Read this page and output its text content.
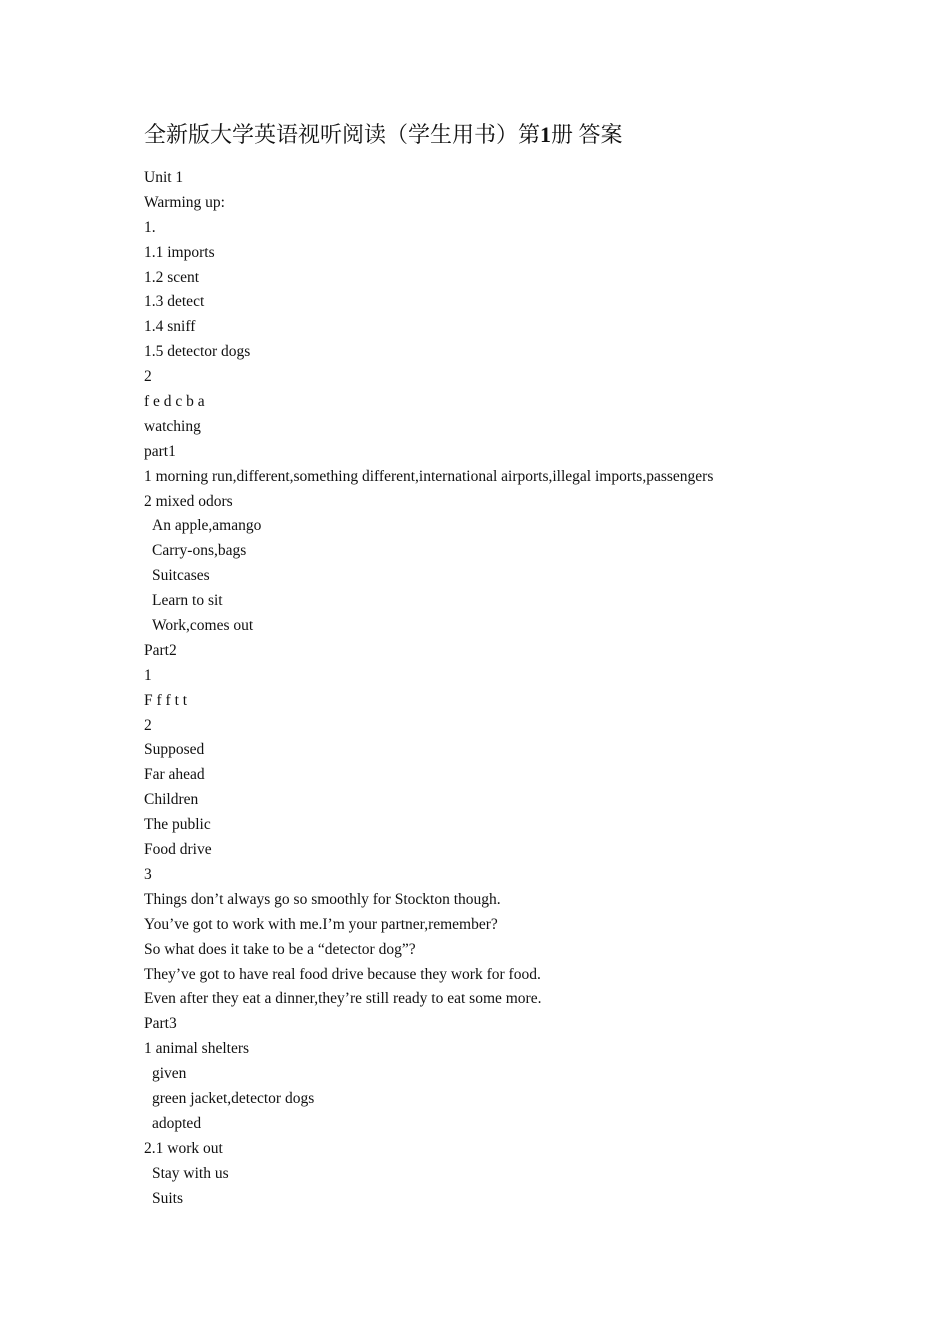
全新版大学英语视听阅读（学生用书）第1册 答案
Unit 1
Warming up:
1.
1.1 imports
1.2 scent
1.3 detect
1.4 sniff
1.5 detector dogs
2
f e d c b a
watching
part1
1 morning run,different,something different,international airports,illegal imports,passengers
2 mixed odors
An apple,amango
Carry-ons,bags
Suitcases
Learn to sit
Work,comes out
Part2
1
F f f t t
2
Supposed
Far ahead
Children
The public
Food drive
3
Things don’t always go so smoothly for Stockton though.
You’ve got to work with me.I’m your partner,remember?
So what does it take to be a “detector dog”?
They’ve got to have real food drive because they work for food.
Even after they eat a dinner,they’re still ready to eat some more.
Part3
1 animal shelters
given
green jacket,detector dogs
adopted
2.1 work out
Stay with us
Suits
